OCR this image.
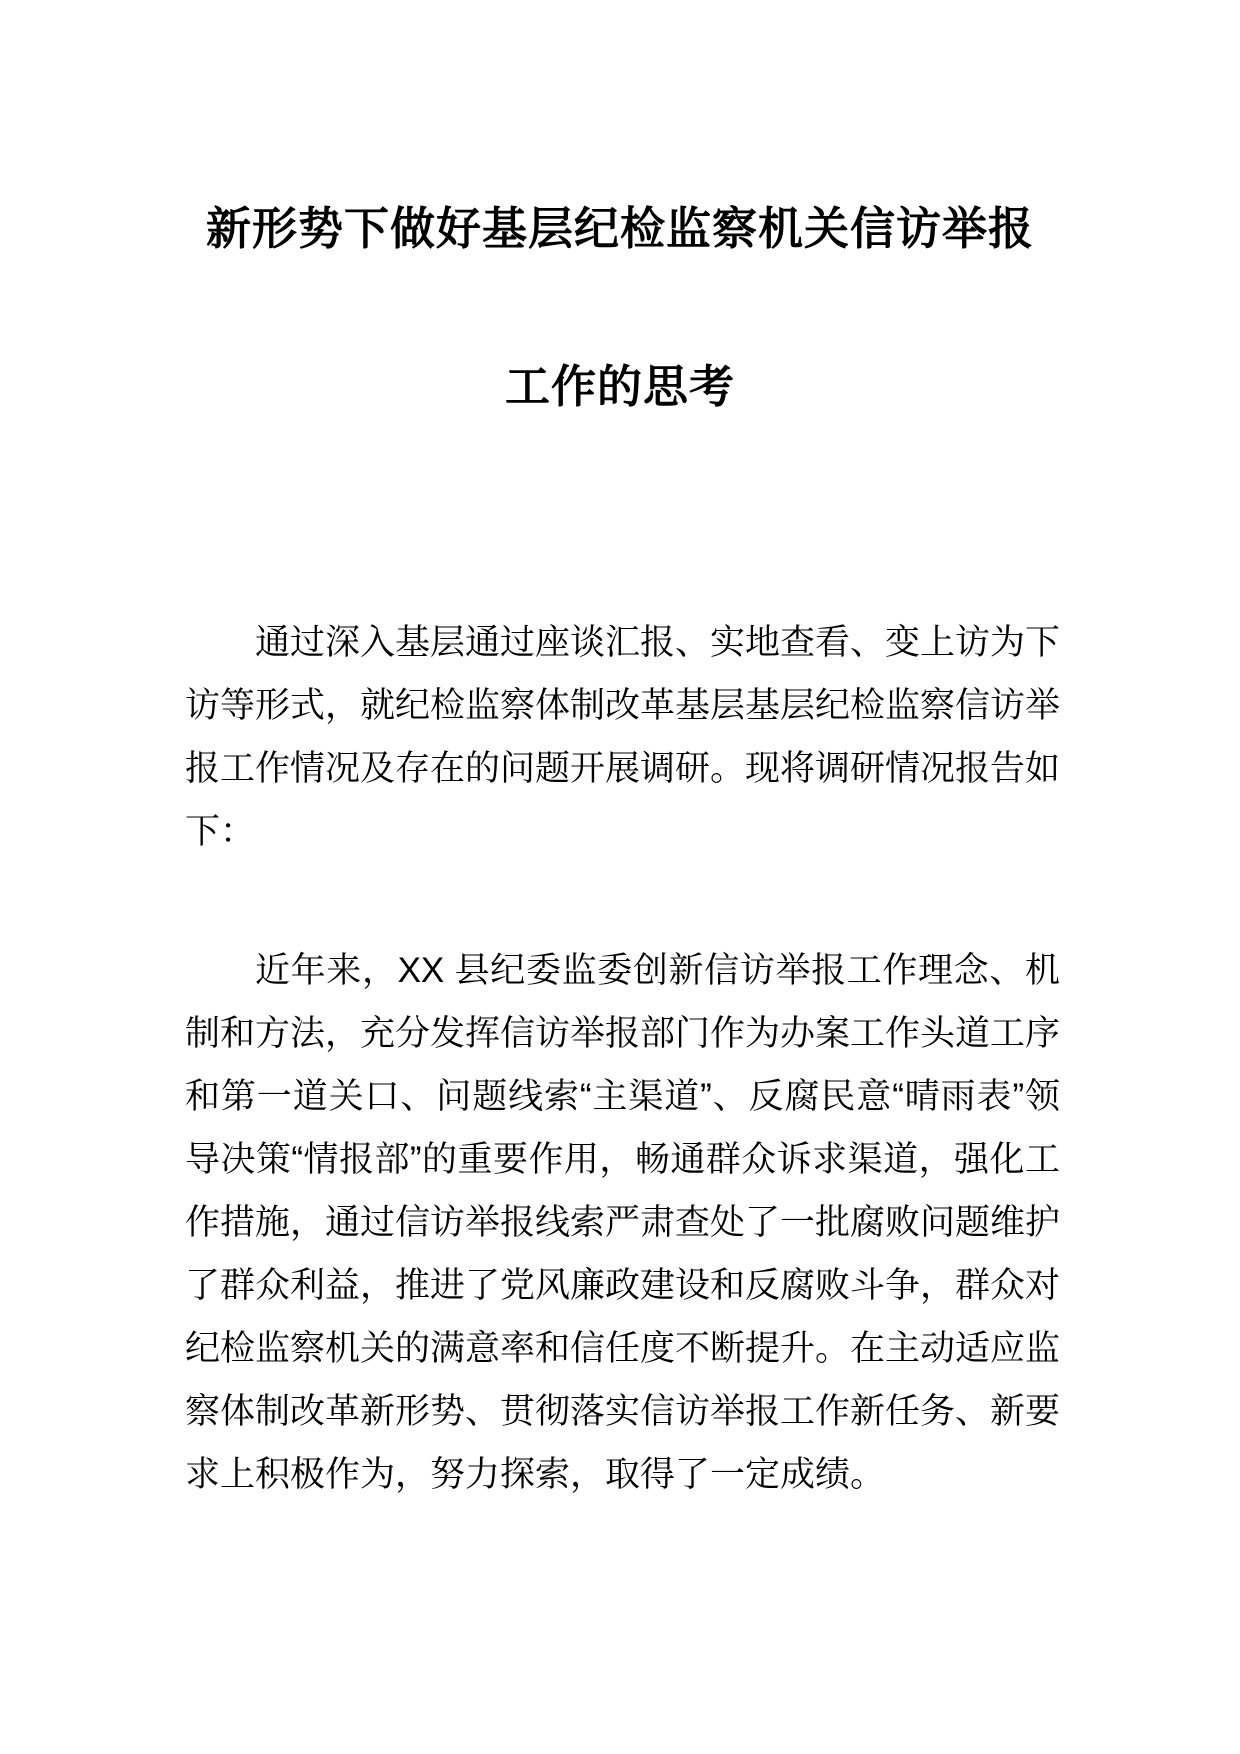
新形势下做好基层纪检监察机关信访举报
工作的思考

通过深入基层通过座谈汇报、实地查看、变上访为下访等形式，就纪检监察体制改革基层基层纪检监察信访举报工作情况及存在的问题开展调研。现将调研情况报告如下：

近年来，XX 县纪委监委创新信访举报工作理念、机制和方法，充分发挥信访举报部门作为办案工作头道工序和第一道关口、问题线索“主渠道”、反腐民意“晴雨表”领导决策“情报部”的重要作用，畅通群众诉求渠道，强化工作措施，通过信访举报线索严肃查处了一批腐败问题维护了群众利益，推进了党风廉政建设和反腐败斗争，群众对纪检监察机关的满意率和信任度不断提升。在主动适应监察体制改革新形势、贯彻落实信访举报工作新任务、新要求上积极作为，努力探索，取得了一定成绩。
